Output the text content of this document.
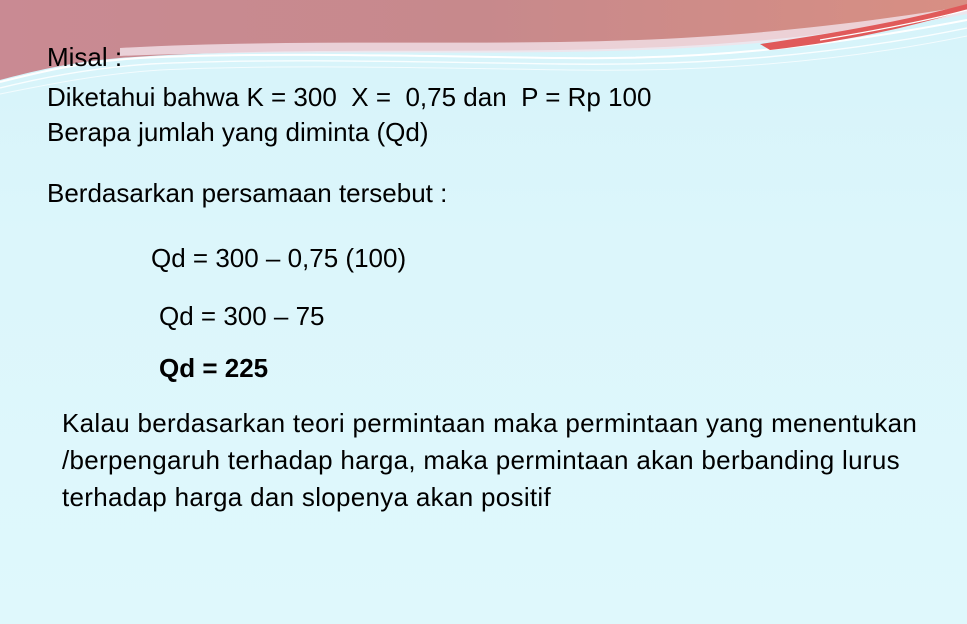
Misal :
Diketahui bahwa K = 300  X =  0,75 dan  P = Rp 100
Berapa jumlah yang diminta (Qd)
Berdasarkan persamaan tersebut :
Qd = 300 – 0,75 (100)
Qd = 300 – 75
Qd = 225
Kalau berdasarkan teori permintaan maka permintaan yang menentukan /berpengaruh terhadap harga, maka permintaan akan berbanding lurus terhadap harga dan slopenya akan positif
